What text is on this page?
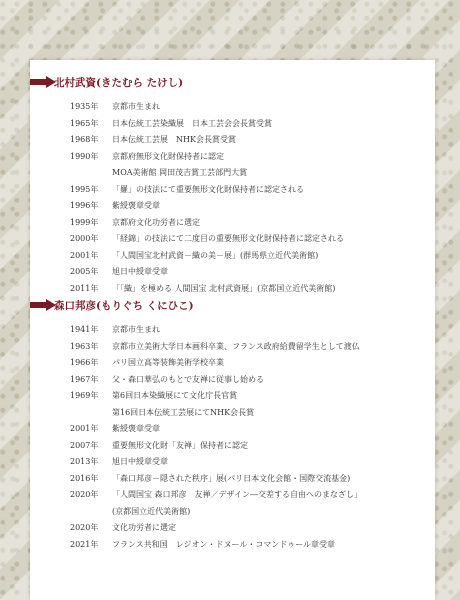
北村武資(きたむら たけし)
1935年	京都市生まれ
1965年	日本伝統工芸染織展　日本工芸会会長賞受賞
1968年	日本伝統工芸展　NHK会長賞受賞
1990年	京都府無形文化財保持者に認定
MOA美術館 岡田茂吉賞工芸部門大賞
1995年	「羅」の技法にて重要無形文化財保持者に認定される
1996年	紫綬褒章受章
1999年	京都府文化功労者に選定
2000年	「経錦」の技法にて二度目の重要無形文化財保持者に認定される
2001年	「人間国宝北村武資－織の美－展」(群馬県立近代美術館)
2005年	旭日中綬章受章
2011年	「「織」を極める 人間国宝 北村武資展」(京都国立近代美術館)
森口邦彦(もりぐち くにひこ)
1941年	京都市生まれ
1963年	京都市立美術大学日本画科卒業、フランス政府給費留学生として渡仏
1966年	パリ国立高等装飾美術学校卒業
1967年	父・森口華弘のもとで友禅に従事し始める
1969年	第6回日本染織展にて文化庁長官賞
第16回日本伝統工芸展にてNHK会長賞
2001年	紫綬褒章受章
2007年	重要無形文化財「友禅」保持者に認定
2013年	旭日中綬章受章
2016年	「森口邦彦－隠された秩序」展(パリ日本文化会館・国際交流基金)
2020年	「人間国宝 森口邦彦　友禅／デザイン―交差する自由へのまなざし」
(京都国立近代美術館)
2020年	文化功労者に選定
2021年	フランス共和国　レジオン・ドヌール・コマンドゥール章受章
